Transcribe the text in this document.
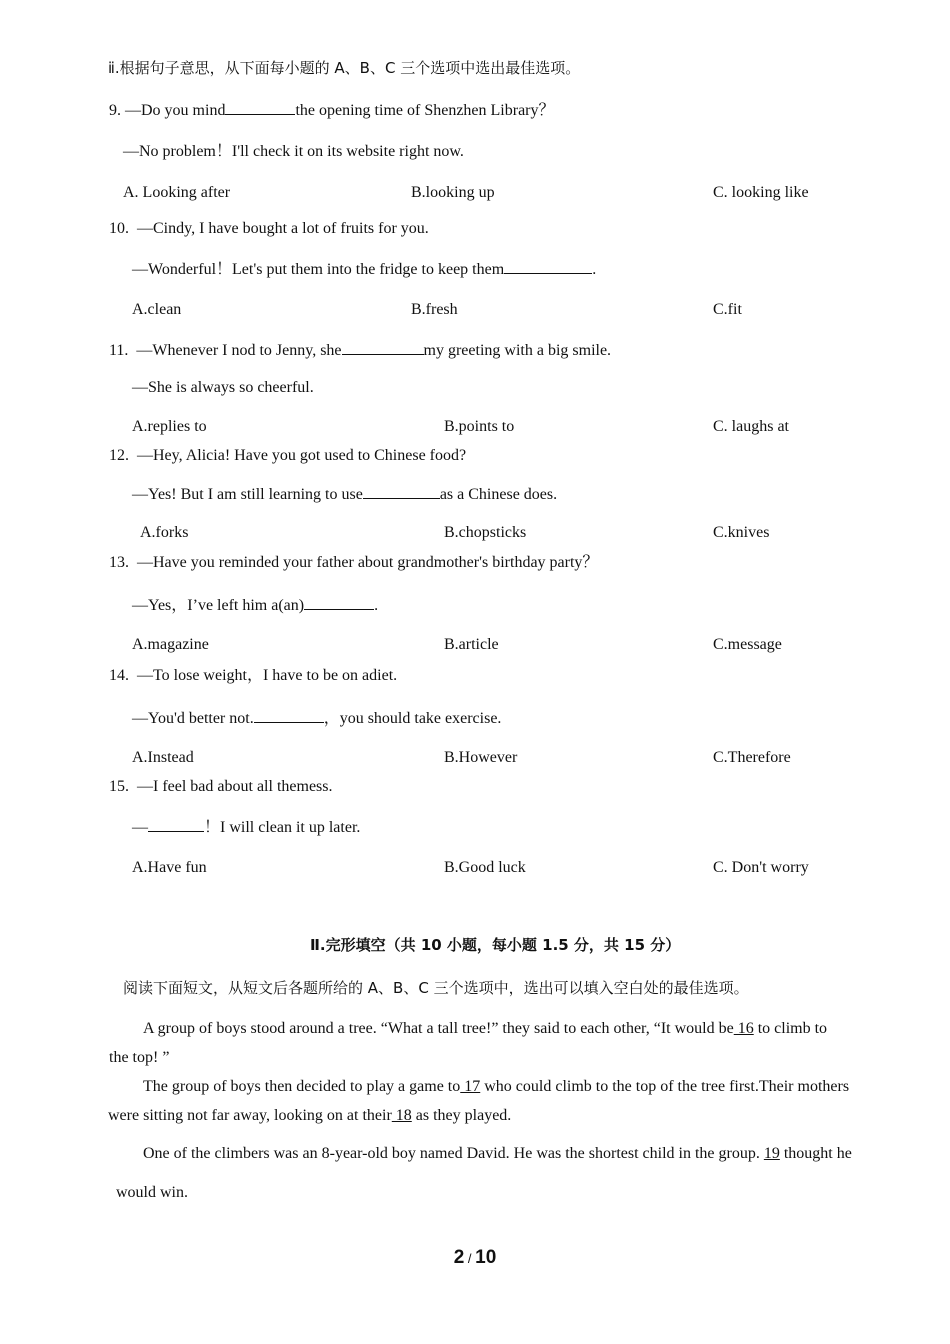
ⅱ.根据句子意思，从下面每小题的 A、B、C 三个选项中选出最佳选项。
9. —Do you mind	the opening time of Shenzhen Library？
—No problem！I'll check it on its website right now.
A. Looking after	B.looking up	C. looking like
10. —Cindy, I have bought a lot of fruits for you.
—Wonderful！Let's put them into the fridge to keep them	.
A.clean	B.fresh	C.fit
11. —Whenever I nod to Jenny, she	my greeting with a big smile.
—She is always so cheerful.
A.replies to	B.points to	C. laughs at
12. —Hey, Alicia! Have you got used to Chinese food?
—Yes! But I am still learning to use	as a Chinese does.
A.forks	B.chopsticks	C.knives
13. —Have you reminded your father about grandmother's birthday party？
—Yes，I’ve left him a(an)	.
A.magazine	B.article	C.message
14. —To lose weight，I have to be on adiet.
—You'd better not.	，you should take exercise.
A.Instead	B.However	C.Therefore
15. —I feel bad about all themess.
—	！I will clean it up later.
A.Have fun	B.Good luck	C. Don't worry
Ⅱ.完形填空（共 10 小题，每小题 1.5 分，共 15 分）
阅读下面短文，从短文后各题所给的 A、B、C 三个选项中，选出可以填入空白处的最佳选项。
A group of boys stood around a tree. “What a tall tree!” they said to each other, “It would be 16 to climb to
the top! ”
The group of boys then decided to play a game to 17 who could climb to the top of the tree first.Their mothers
were sitting not far away, looking on at their 18 as they played.
One of the climbers was an 8-year-old boy named David. He was the shortest child in the group. 19 thought he
would win.
2 / 10
